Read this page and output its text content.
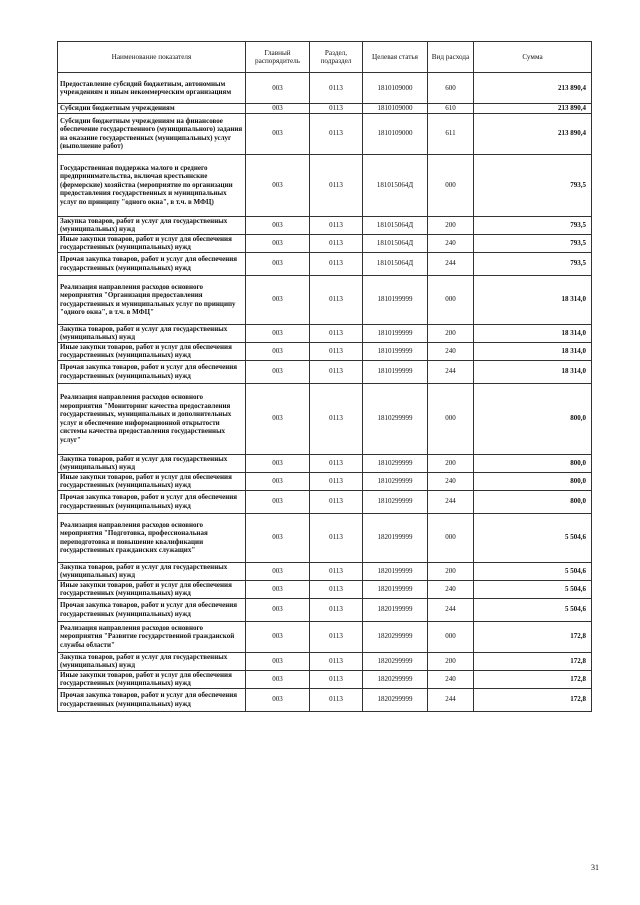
Наименование показателя	Главный распорядитель	Раздел, подраздел	Целевая статья	Вид расхода	Сумма
Предоставление субсидий бюджетным, автономным учреждениям и иным некоммерческим организациям	003	0113	1810109000	600	213 890,4
Субсидии бюджетным учреждениям	003	0113	1810109000	610	213 890,4
Субсидии бюджетным учреждениям на финансовое обеспечение государственного (муниципального) задания на оказание государственных (муниципальных) услуг (выполнение работ)	003	0113	1810109000	611	213 890,4
Государственная поддержка малого и среднего предпринимательства, включая крестьянские (фермерские) хозяйства (мероприятие по организации предоставления государственных и муниципальных услуг по принципу "одного окна", в т.ч. в МФЦ)	003	0113	181015064Д	000	793,5
Закупка товаров, работ и услуг для государственных (муниципальных) нужд	003	0113	181015064Д	200	793,5
Иные закупки товаров, работ и услуг для обеспечения государственных (муниципальных) нужд	003	0113	181015064Д	240	793,5
Прочая закупка товаров, работ и услуг для обеспечения государственных (муниципальных) нужд	003	0113	181015064Д	244	793,5
Реализация направления расходов основного мероприятия "Организация предоставления государственных и муниципальных услуг по принципу "одного окна", в т.ч. в МФЦ"	003	0113	1810199999	000	18 314,0
Закупка товаров, работ и услуг для государственных (муниципальных) нужд	003	0113	1810199999	200	18 314,0
Иные закупки товаров, работ и услуг для обеспечения государственных (муниципальных) нужд	003	0113	1810199999	240	18 314,0
Прочая закупка товаров, работ и услуг для обеспечения государственных (муниципальных) нужд	003	0113	1810199999	244	18 314,0
Реализация направления расходов основного мероприятия "Мониторинг качества предоставления государственных, муниципальных и дополнительных услуг и обеспечение информационной открытости системы качества предоставления государственных услуг"	003	0113	1810299999	000	800,0
Закупка товаров, работ и услуг для государственных (муниципальных) нужд	003	0113	1810299999	200	800,0
Иные закупки товаров, работ и услуг для обеспечения государственных (муниципальных) нужд	003	0113	1810299999	240	800,0
Прочая закупка товаров, работ и услуг для обеспечения государственных (муниципальных) нужд	003	0113	1810299999	244	800,0
Реализация направления расходов основного мероприятия "Подготовка, профессиональная переподготовка и повышение квалификации государственных гражданских служащих"	003	0113	1820199999	000	5 504,6
Закупка товаров, работ и услуг для государственных (муниципальных) нужд	003	0113	1820199999	200	5 504,6
Иные закупки товаров, работ и услуг для обеспечения государственных (муниципальных) нужд	003	0113	1820199999	240	5 504,6
Прочая закупка товаров, работ и услуг для обеспечения государственных (муниципальных) нужд	003	0113	1820199999	244	5 504,6
Реализация направления расходов основного мероприятия "Развитие государственной гражданской службы области"	003	0113	1820299999	000	172,8
Закупка товаров, работ и услуг для государственных (муниципальных) нужд	003	0113	1820299999	200	172,8
Иные закупки товаров, работ и услуг для обеспечения государственных (муниципальных) нужд	003	0113	1820299999	240	172,8
Прочая закупка товаров, работ и услуг для обеспечения государственных (муниципальных) нужд	003	0113	1820299999	244	172,8
31
